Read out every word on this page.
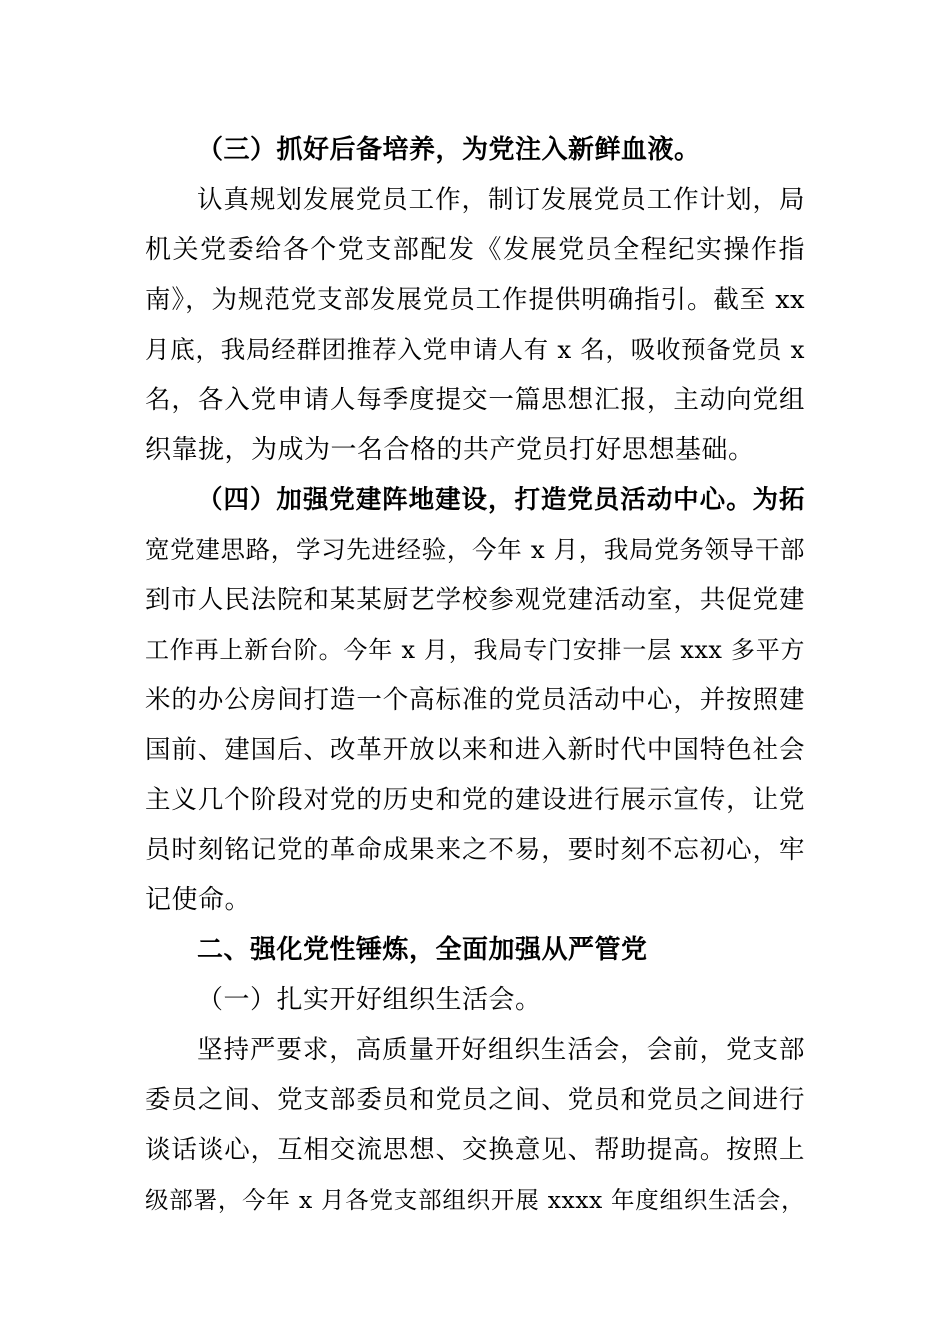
（三）抓好后备培养，为党注入新鲜血液。
认真规划发展党员工作，制订发展党员工作计划，局
机关党委给各个党支部配发《发展党员全程纪实操作指
南》，为规范党支部发展党员工作提供明确指引。截至 xx
月底，我局经群团推荐入党申请人有 x 名，吸收预备党员 x
名，各入党申请人每季度提交一篇思想汇报，主动向党组
织靠拢，为成为一名合格的共产党员打好思想基础。
（四）加强党建阵地建设，打造党员活动中心。为拓
宽党建思路，学习先进经验，今年 x 月，我局党务领导干部
到市人民法院和某某厨艺学校参观党建活动室，共促党建
工作再上新台阶。今年 x 月，我局专门安排一层 xxx 多平方
米的办公房间打造一个高标准的党员活动中心，并按照建
国前、建国后、改革开放以来和进入新时代中国特色社会
主义几个阶段对党的历史和党的建设进行展示宣传，让党
员时刻铭记党的革命成果来之不易，要时刻不忘初心，牢
记使命。
二、强化党性锤炼，全面加强从严管党
（一）扎实开好组织生活会。
坚持严要求，高质量开好组织生活会，会前，党支部
委员之间、党支部委员和党员之间、党员和党员之间进行
谈话谈心，互相交流思想、交换意见、帮助提高。按照上
级部署，今年 x 月各党支部组织开展 xxxx 年度组织生活会，
